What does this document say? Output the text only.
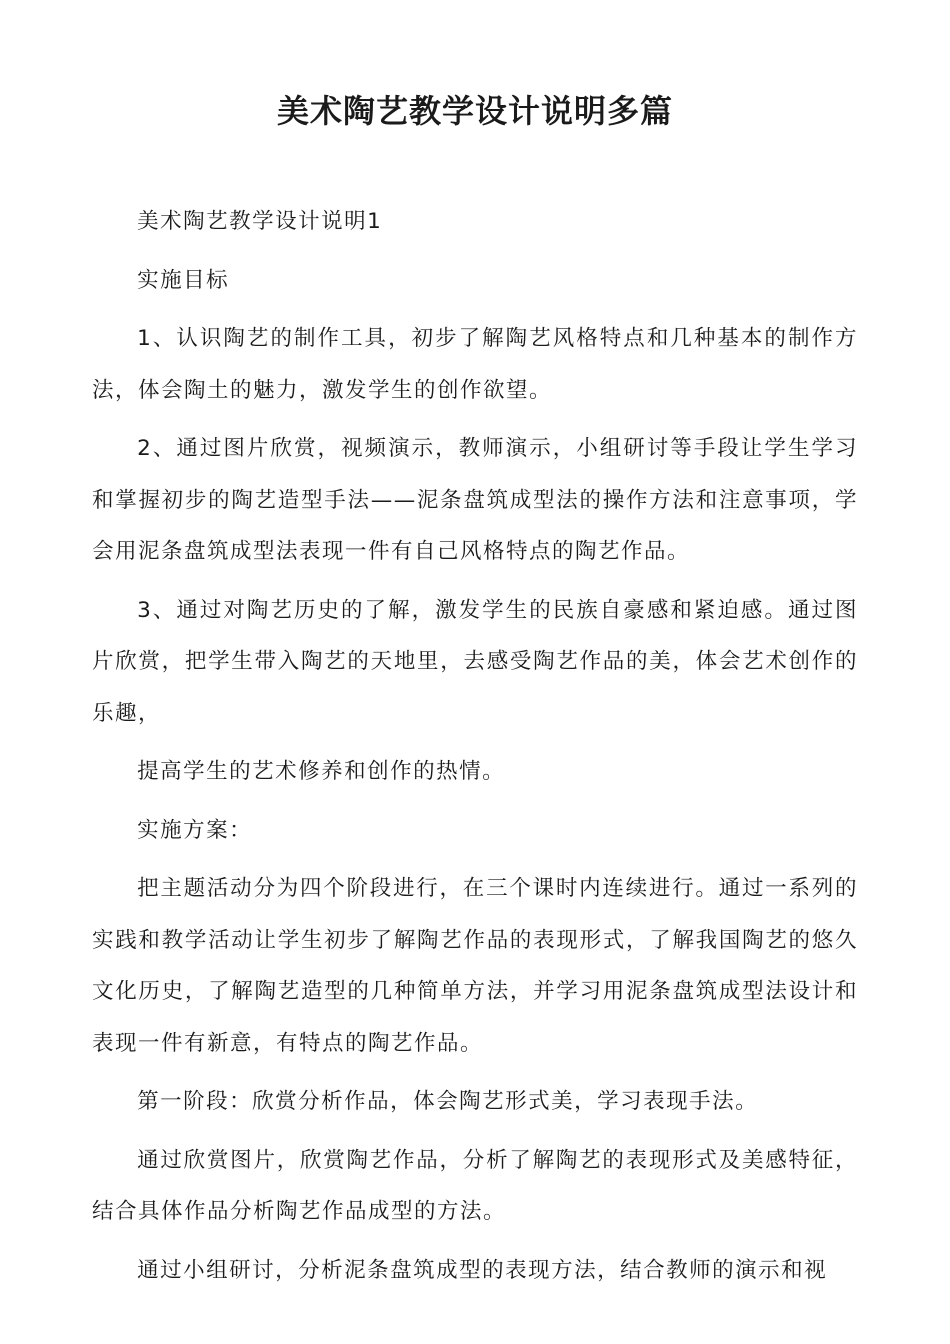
美术陶艺教学设计说明多篇

美术陶艺教学设计说明1

实施目标

1、认识陶艺的制作工具，初步了解陶艺风格特点和几种基本的制作方法，体会陶土的魅力，激发学生的创作欲望。

2、通过图片欣赏，视频演示，教师演示，小组研讨等手段让学生学习和掌握初步的陶艺造型手法——泥条盘筑成型法的操作方法和注意事项，学会用泥条盘筑成型法表现一件有自己风格特点的陶艺作品。

3、通过对陶艺历史的了解，激发学生的民族自豪感和紧迫感。通过图片欣赏，把学生带入陶艺的天地里，去感受陶艺作品的美，体会艺术创作的乐趣，

提高学生的艺术修养和创作的热情。

实施方案：

把主题活动分为四个阶段进行，在三个课时内连续进行。通过一系列的实践和教学活动让学生初步了解陶艺作品的表现形式，了解我国陶艺的悠久文化历史，了解陶艺造型的几种简单方法，并学习用泥条盘筑成型法设计和表现一件有新意，有特点的陶艺作品。

第一阶段：欣赏分析作品，体会陶艺形式美，学习表现手法。

通过欣赏图片，欣赏陶艺作品，分析了解陶艺的表现形式及美感特征，结合具体作品分析陶艺作品成型的方法。

通过小组研讨，分析泥条盘筑成型的表现方法，结合教师的演示和视
